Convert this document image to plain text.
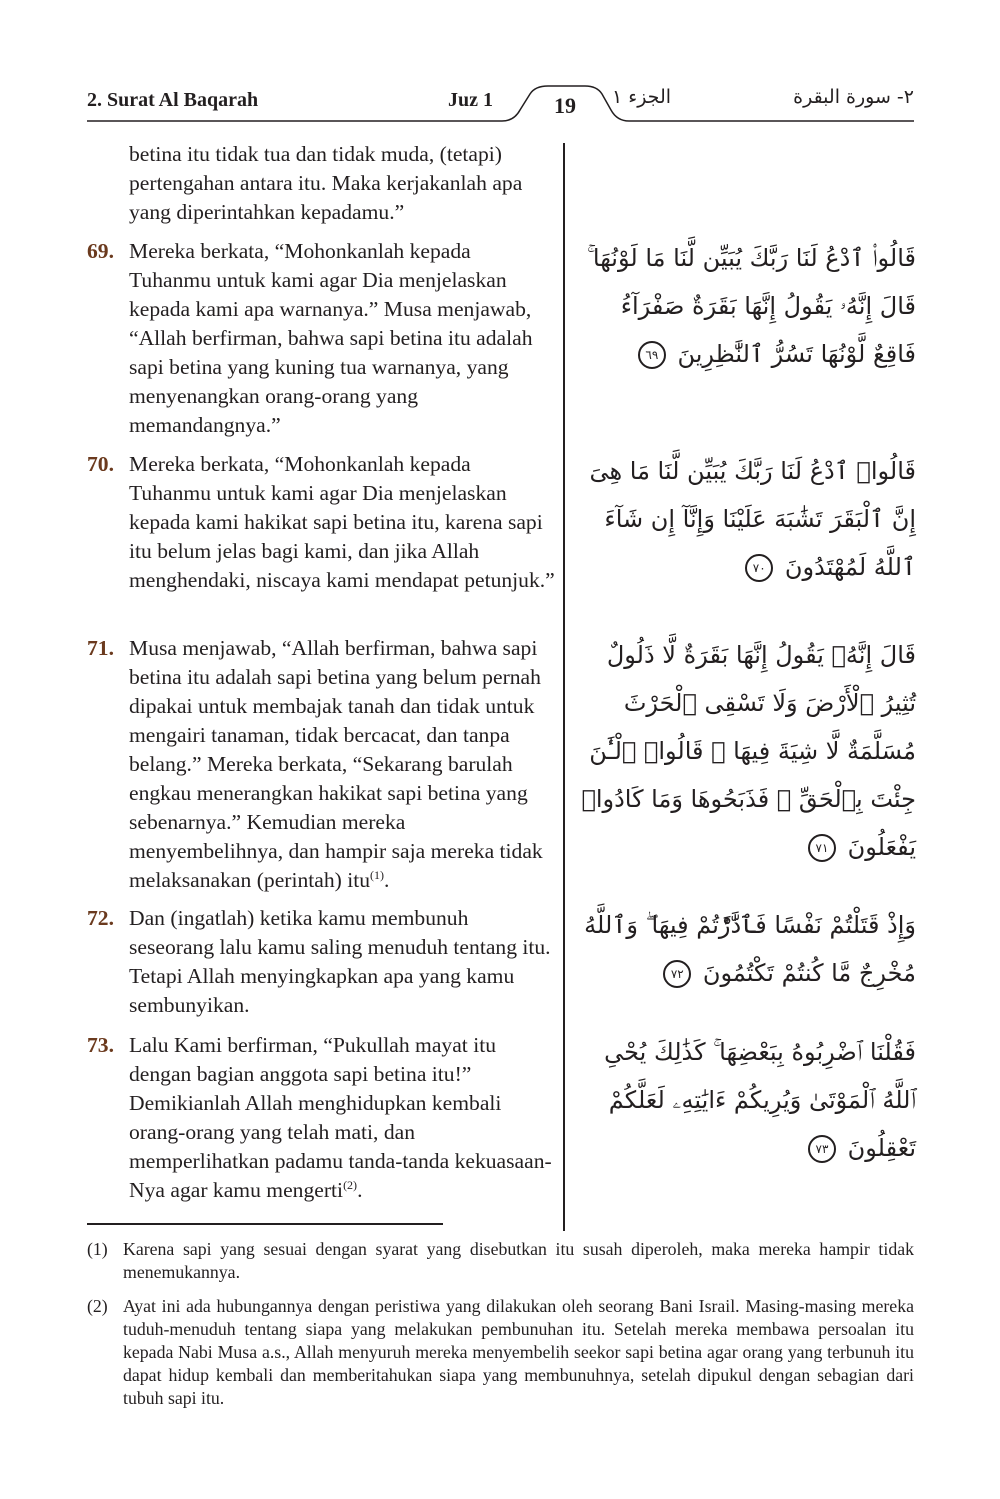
2. Surat Al Baqarah	Juz 1	19	الجزء ١	٢- سورة البقرة
betina itu tidak tua dan tidak muda, (tetapi) pertengahan antara itu. Maka kerjakanlah apa yang diperintahkan kepadamu.”
69. Mereka berkata, “Mohonkanlah kepada Tuhanmu untuk kami agar Dia menjelaskan kepada kami apa warnanya.” Musa menjawab, “Allah berfirman, bahwa sapi betina itu adalah sapi betina yang kuning tua warnanya, yang menyenangkan orang-orang yang memandangnya.”
قَالُوا۟ ٱدْعُ لَنَا رَبَّكَ يُبَيِّن لَّنَا مَا لَوْنُهَا ۚ قَالَ إِنَّهُۥ يَقُولُ إِنَّهَا بَقَرَةٌ صَفْرَآءُ فَاقِعٌ لَّوْنُهَا تَسُرُّ ٱلنَّٰظِرِينَ ٦٩
70. Mereka berkata, “Mohonkanlah kepada Tuhanmu untuk kami agar Dia menjelaskan kepada kami hakikat sapi betina itu, karena sapi itu belum jelas bagi kami, dan jika Allah menghendaki, niscaya kami mendapat petunjuk.”
قَالُوا۟ ٱدْعُ لَنَا رَبَّكَ يُبَيِّن لَّنَا مَا هِىَ إِنَّ ٱلْبَقَرَ تَشَٰبَهَ عَلَيْنَا وَإِنَّآ إِن شَآءَ ٱللَّهُ لَمُهْتَدُونَ ٧٠
71. Musa menjawab, “Allah berfirman, bahwa sapi betina itu adalah sapi betina yang belum pernah dipakai untuk membajak tanah dan tidak untuk mengairi tanaman, tidak bercacat, dan tanpa belang.” Mereka berkata, “Sekarang barulah engkau menerangkan hakikat sapi betina yang sebenarnya.” Kemudian mereka menyembelihnya, dan hampir saja mereka tidak melaksanakan (perintah) itu$^{(1)}$.
قَالَ إِنَّهُۥ يَقُولُ إِنَّهَا بَقَرَةٌ لَّا ذَلُولٌ تُثِيرُ ٱلْأَرْضَ وَلَا تَسْقِى ٱلْحَرْثَ مُسَلَّمَةٌ لَّا شِيَةَ فِيهَا ۚ قَالُوا۟ ٱلْـَٰٔنَ جِئْتَ بِٱلْحَقِّ ۚ فَذَبَحُوهَا وَمَا كَادُوا۟ يَفْعَلُونَ ٧١
72. Dan (ingatlah) ketika kamu membunuh seseorang lalu kamu saling menuduh tentang itu. Tetapi Allah menyingkapkan apa yang kamu sembunyikan.
وَإِذْ قَتَلْتُمْ نَفْسًا فَٱدَّٰرَْٰٔتُمْ فِيهَا ۖ وَٱللَّهُ مُخْرِجٌ مَّا كُنتُمْ تَكْتُمُونَ ٧٢
73. Lalu Kami berfirman, “Pukullah mayat itu dengan bagian anggota sapi betina itu!” Demikianlah Allah menghidupkan kembali orang-orang yang telah mati, dan memperlihatkan padamu tanda-tanda kekuasaan-Nya agar kamu mengerti$^{(2)}$.
فَقُلْنَا ٱضْرِبُوهُ بِبَعْضِهَا ۚ كَذَٰلِكَ يُحْىِ ٱللَّهُ ٱلْمَوْتَىٰ وَيُرِيكُمْ ءَايَٰتِهِۦ لَعَلَّكُمْ تَعْقِلُونَ ٧٣
(1) Karena sapi yang sesuai dengan syarat yang disebutkan itu susah diperoleh, maka mereka hampir tidak menemukannya.
(2) Ayat ini ada hubungannya dengan peristiwa yang dilakukan oleh seorang Bani Israil. Masing-masing mereka tuduh-menuduh tentang siapa yang melakukan pembunuhan itu. Setelah mereka membawa persoalan itu kepada Nabi Musa a.s., Allah menyuruh mereka menyembelih seekor sapi betina agar orang yang terbunuh itu dapat hidup kembali dan memberitahukan siapa yang membunuhnya, setelah dipukul dengan sebagian dari tubuh sapi itu.
